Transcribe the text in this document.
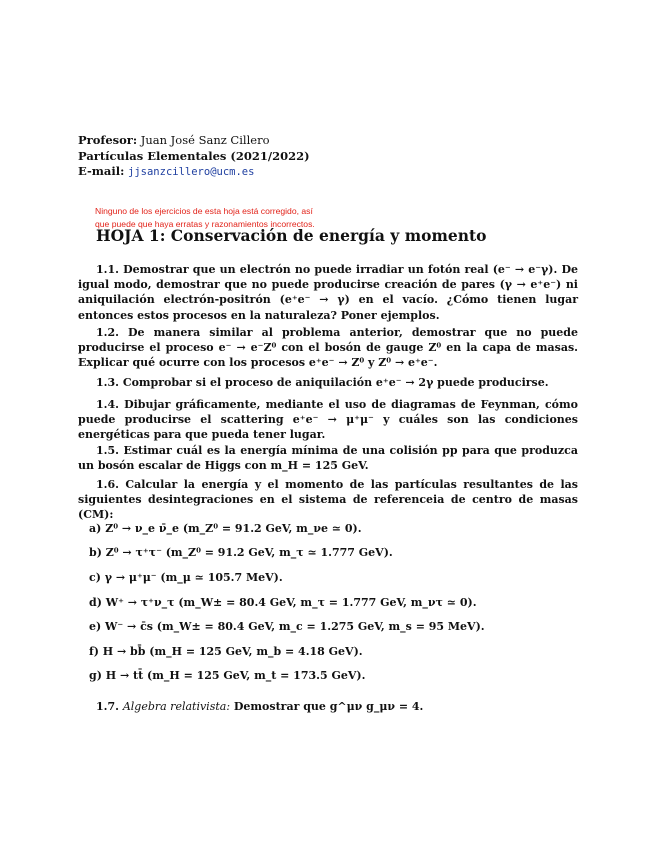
Profesor: Juan José Sanz Cillero
Partículas Elementales (2021/2022)
E-mail: jjsanzcillero@ucm.es
Ninguno de los ejercicios de esta hoja está corregido, así
que puede que haya erratas y razonamientos incorrectos.
HOJA 1: Conservación de energía y momento

1.1. Demostrar que un electrón no puede irradiar un fotón real (e⁻ → e⁻γ). De igual modo, demostrar que no puede producirse creación de pares (γ → e⁺e⁻) ni aniquilación electrón-positrón (e⁺e⁻ → γ) en el vacío. ¿Cómo tienen lugar entonces estos procesos en la naturaleza? Poner ejemplos.

1.2. De manera similar al problema anterior, demostrar que no puede producirse el proceso e⁻ → e⁻Z⁰ con el bosón de gauge Z⁰ en la capa de masas. Explicar qué ocurre con los procesos e⁺e⁻ → Z⁰ y Z⁰ → e⁺e⁻.

1.3. Comprobar si el proceso de aniquilación e⁺e⁻ → 2γ puede producirse.

1.4. Dibujar gráficamente, mediante el uso de diagramas de Feynman, cómo puede producirse el scattering e⁺e⁻ → μ⁺μ⁻ y cuáles son las condiciones energéticas para que pueda tener lugar.

1.5. Estimar cuál es la energía mínima de una colisión pp para que produzca un bosón escalar de Higgs con m_H = 125 GeV.

1.6. Calcular la energía y el momento de las partículas resultantes de las siguientes desintegraciones en el sistema de referenceia de centro de masas (CM):

a) Z⁰ → ν_e ν̄_e (m_Z⁰ = 91.2 GeV, m_νe ≃ 0).

b) Z⁰ → τ⁺τ⁻ (m_Z⁰ = 91.2 GeV, m_τ ≃ 1.777 GeV).

c) γ → μ⁺μ⁻ (m_μ ≃ 105.7 MeV).

d) W⁺ → τ⁺ν_τ (m_W± = 80.4 GeV, m_τ = 1.777 GeV, m_ντ ≃ 0).

e) W⁻ → c̄s (m_W± = 80.4 GeV, m_c = 1.275 GeV, m_s = 95 MeV).

f) H → bb̄ (m_H = 125 GeV, m_b = 4.18 GeV).

g) H → tt̄ (m_H = 125 GeV, m_t = 173.5 GeV).

1.7. Algebra relativista: Demostrar que g^μν g_μν = 4.
